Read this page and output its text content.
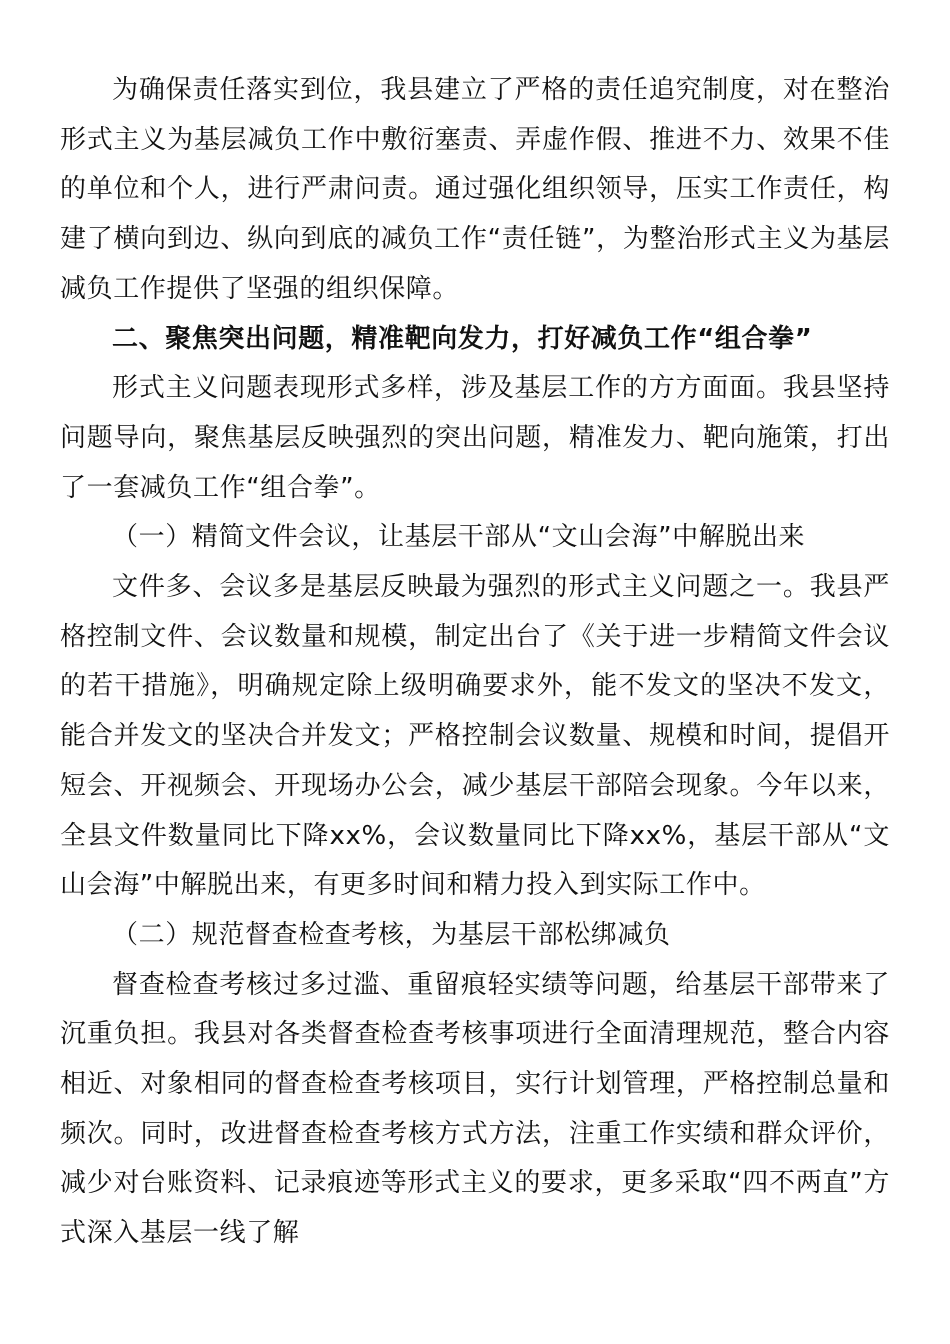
为确保责任落实到位，我县建立了严格的责任追究制度，对在整治形式主义为基层减负工作中敷衍塞责、弄虚作假、推进不力、效果不佳的单位和个人，进行严肃问责。通过强化组织领导，压实工作责任，构建了横向到边、纵向到底的减负工作“责任链”，为整治形式主义为基层减负工作提供了坚强的组织保障。

二、聚焦突出问题，精准靶向发力，打好减负工作“组合拳”

形式主义问题表现形式多样，涉及基层工作的方方面面。我县坚持问题导向，聚焦基层反映强烈的突出问题，精准发力、靶向施策，打出了一套减负工作“组合拳”。

（一）精简文件会议，让基层干部从“文山会海”中解脱出来

文件多、会议多是基层反映最为强烈的形式主义问题之一。我县严格控制文件、会议数量和规模，制定出台了《关于进一步精简文件会议的若干措施》，明确规定除上级明确要求外，能不发文的坚决不发文，能合并发文的坚决合并发文；严格控制会议数量、规模和时间，提倡开短会、开视频会、开现场办公会，减少基层干部陪会现象。今年以来，全县文件数量同比下降xx%，会议数量同比下降xx%，基层干部从“文山会海”中解脱出来，有更多时间和精力投入到实际工作中。

（二）规范督查检查考核，为基层干部松绑减负

督查检查考核过多过滥、重留痕轻实绩等问题，给基层干部带来了沉重负担。我县对各类督查检查考核事项进行全面清理规范，整合内容相近、对象相同的督查检查考核项目，实行计划管理，严格控制总量和频次。同时，改进督查检查考核方式方法，注重工作实绩和群众评价，减少对台账资料、记录痕迹等形式主义的要求，更多采取“四不两直”方式深入基层一线了解
